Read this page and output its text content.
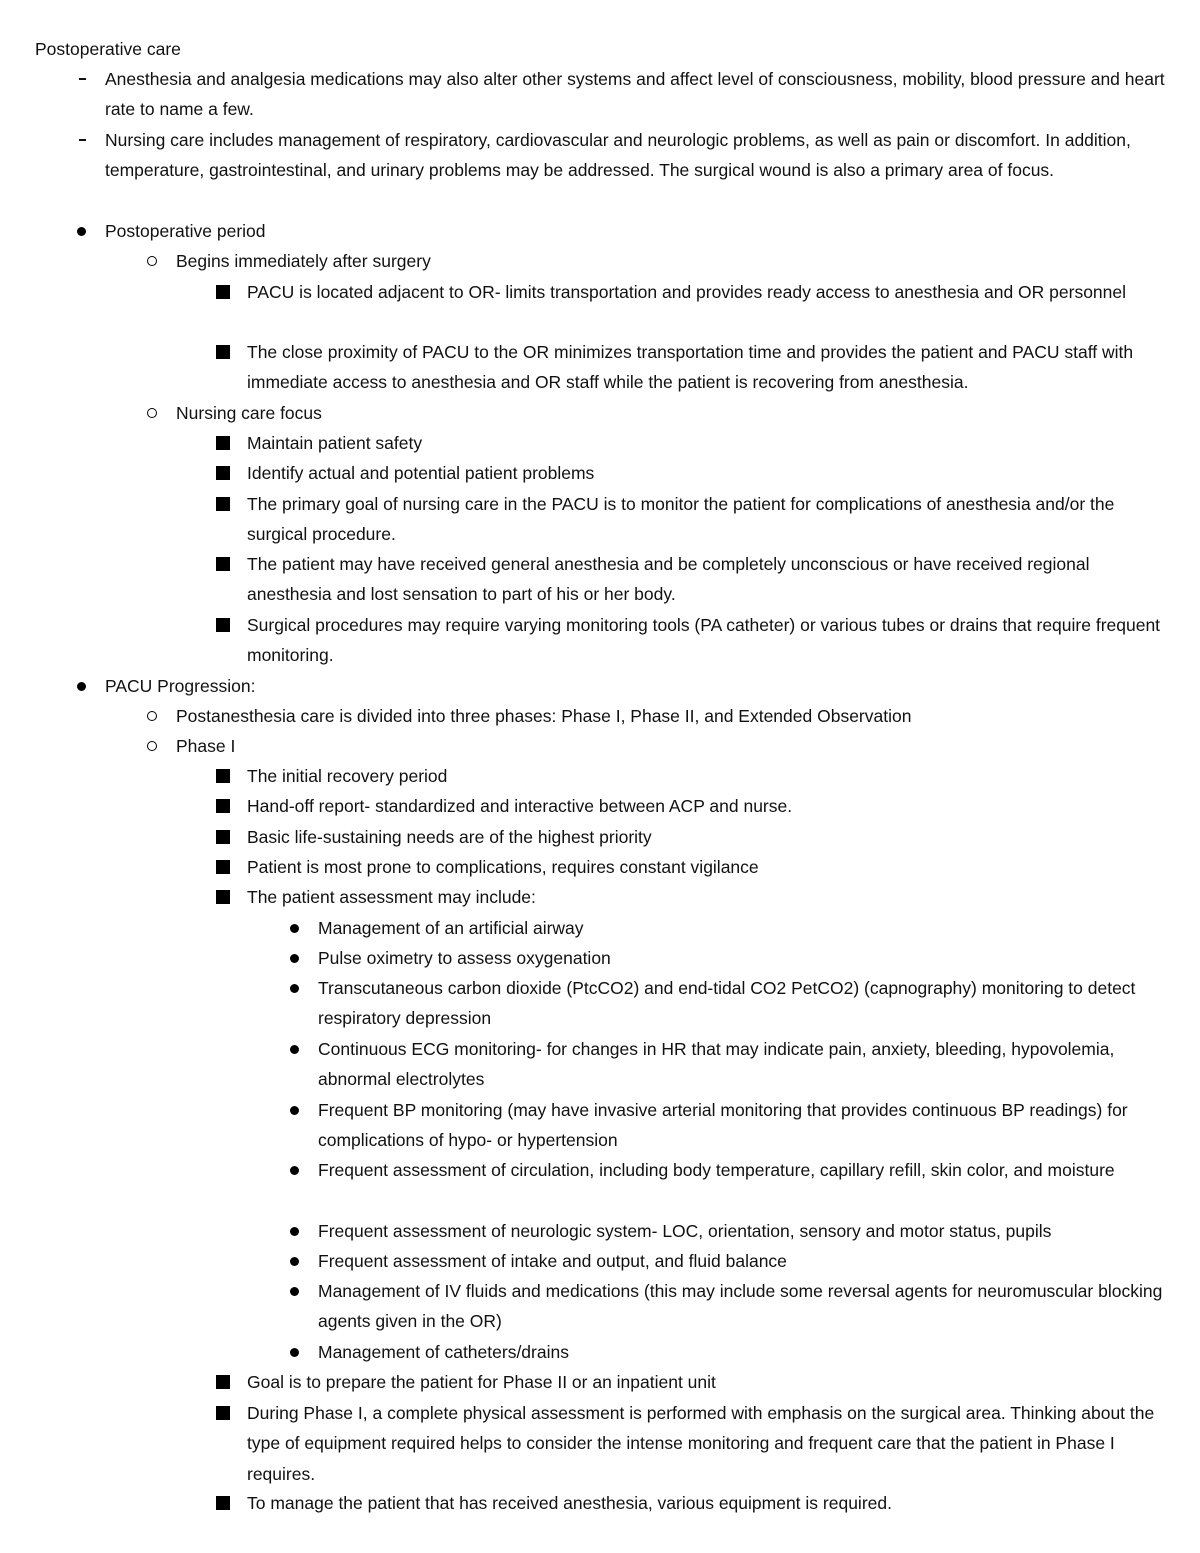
Postoperative care
Anesthesia and analgesia medications may also alter other systems and affect level of consciousness, mobility, blood pressure and heart rate to name a few.
Nursing care includes management of respiratory, cardiovascular and neurologic problems, as well as pain or discomfort. In addition, temperature, gastrointestinal, and urinary problems may be addressed. The surgical wound is also a primary area of focus.
Postoperative period
Begins immediately after surgery
PACU is located adjacent to OR- limits transportation and provides ready access to anesthesia and OR personnel
The close proximity of PACU to the OR minimizes transportation time and provides the patient and PACU staff with immediate access to anesthesia and OR staff while the patient is recovering from anesthesia.
Nursing care focus
Maintain patient safety
Identify actual and potential patient problems
The primary goal of nursing care in the PACU is to monitor the patient for complications of anesthesia and/or the surgical procedure.
The patient may have received general anesthesia and be completely unconscious or have received regional anesthesia and lost sensation to part of his or her body.
Surgical procedures may require varying monitoring tools (PA catheter) or various tubes or drains that require frequent monitoring.
PACU Progression:
Postanesthesia care is divided into three phases: Phase I, Phase II, and Extended Observation
Phase I
The initial recovery period
Hand-off report- standardized and interactive between ACP and nurse.
Basic life-sustaining needs are of the highest priority
Patient is most prone to complications, requires constant vigilance
The patient assessment may include:
Management of an artificial airway
Pulse oximetry to assess oxygenation
Transcutaneous carbon dioxide (PtcCO2) and end-tidal CO2 PetCO2) (capnography) monitoring to detect respiratory depression
Continuous ECG monitoring- for changes in HR that may indicate pain, anxiety, bleeding, hypovolemia, abnormal electrolytes
Frequent BP monitoring (may have invasive arterial monitoring that provides continuous BP readings) for complications of hypo- or hypertension
Frequent assessment of circulation, including body temperature, capillary refill, skin color, and moisture
Frequent assessment of neurologic system- LOC, orientation, sensory and motor status, pupils
Frequent assessment of intake and output, and fluid balance
Management of IV fluids and medications (this may include some reversal agents for neuromuscular blocking agents given in the OR)
Management of catheters/drains
Goal is to prepare the patient for Phase II or an inpatient unit
During Phase I, a complete physical assessment is performed with emphasis on the surgical area. Thinking about the type of equipment required helps to consider the intense monitoring and frequent care that the patient in Phase I requires.
To manage the patient that has received anesthesia, various equipment is required.
